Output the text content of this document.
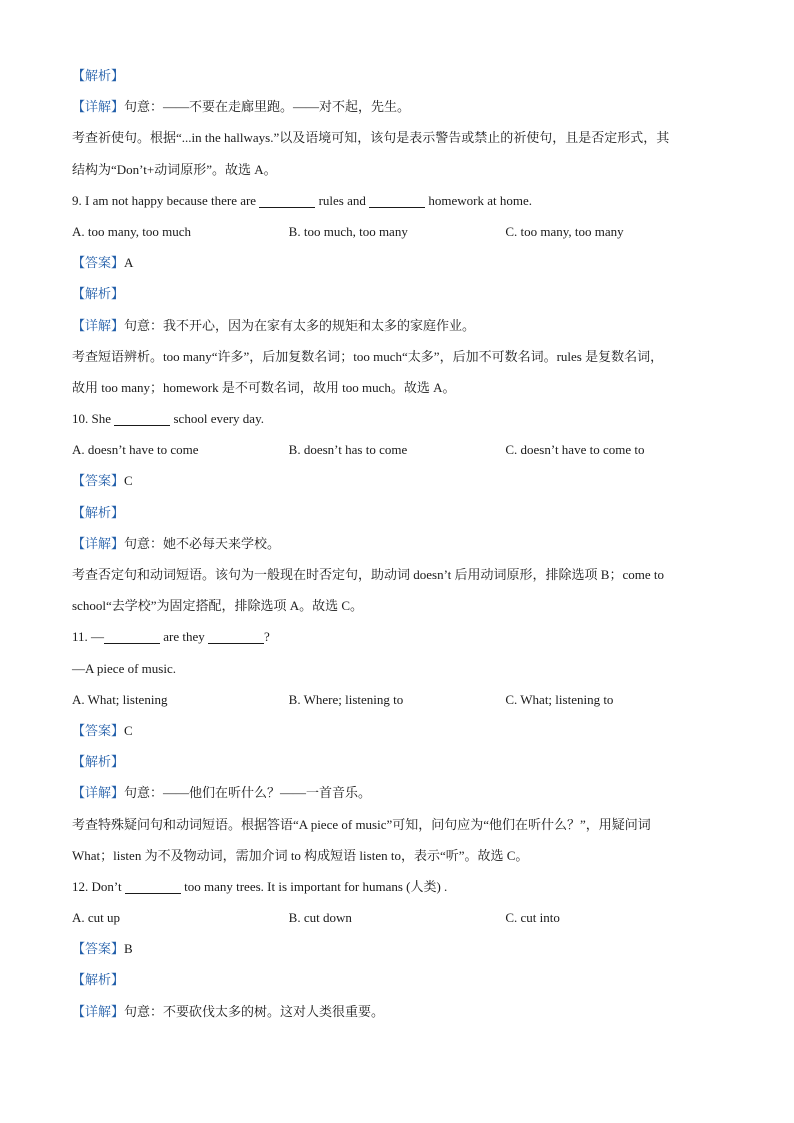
【解析】
【详解】句意：——不要在走廊里跑。——对不起，先生。
考查祈使句。根据“...in the hallways.”以及语境可知，该句是表示警告或禁止的祈使句，且是否定形式，其
结构为“Don’t+动词原形”。故选 A。
9. I am not happy because there are	rules and	homework at home.
A. too many, too much	B. too much, too many	C. too many, too many
【答案】A
【解析】
【详解】句意：我不开心，因为在家有太多的规矩和太多的家庭作业。
考查短语辨析。too many“许多”，后加复数名词；too much“太多”，后加不可数名词。rules 是复数名词，
故用 too many；homework 是不可数名词，故用 too much。故选 A。
10. She	school every day.
A. doesn’t have to come	B. doesn’t has to come	C. doesn’t have to come to
【答案】C
【解析】
【详解】句意：她不必每天来学校。
考查否定句和动词短语。该句为一般现在时否定句，助动词 doesn’t 后用动词原形，排除选项 B；come to
school“去学校”为固定搭配，排除选项 A。故选 C。
11. —	are they	?
—A piece of music.
A. What; listening	B. Where; listening to	C. What; listening to
【答案】C
【解析】
【详解】句意：——他们在听什么？——一首音乐。
考查特殊疑问句和动词短语。根据答语“A piece of music”可知，问句应为“他们在听什么？”，用疑问词
What；listen 为不及物动词，需加介词 to 构成短语 listen to，表示“听”。故选 C。
12. Don’t	too many trees. It is important for humans (人类) .
A. cut up	B. cut down	C. cut into
【答案】B
【解析】
【详解】句意：不要砍伐太多的树。这对人类很重要。
